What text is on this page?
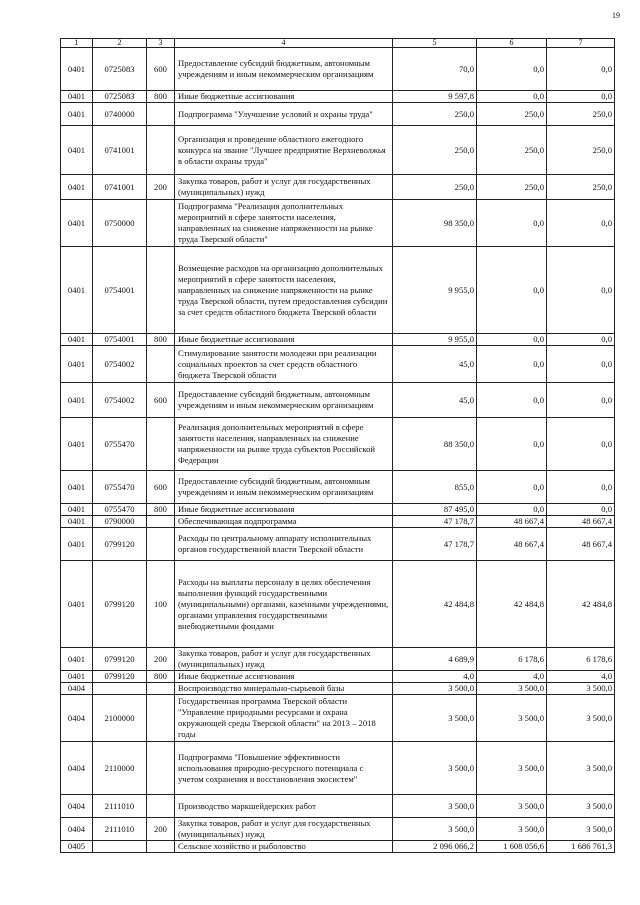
19
1	2	3	4	5	6	7
0401	0725083	600	Предоставление субсидий бюджетным, автономным учреждениям и иным некоммерческим организациям	70,0	0,0	0,0
0401	0725083	800	Иные бюджетные ассигнования	9 597,8	0,0	0,0
0401	0740000		Подпрограмма "Улучшение условий и охраны труда"	250,0	250,0	250,0
0401	0741001		Организация и проведение областного ежегодного конкурса на звание "Лучшее предприятие Верхневолжья в области охраны труда"	250,0	250,0	250,0
0401	0741001	200	Закупка товаров, работ и услуг для государственных (муниципальных) нужд	250,0	250,0	250,0
0401	0750000		Подпрограмма "Реализация дополнительных мероприятий в сфере занятости населения, направленных на снижение напряженности на рынке труда Тверской области"	98 350,0	0,0	0,0
0401	0754001		Возмещение расходов на организацию дополнительных мероприятий в сфере занятости населения, направленных на снижение напряженности на рынке труда Тверской области, путем предоставления субсидии за счет средств областного бюджета Тверской области	9 955,0	0,0	0,0
0401	0754001	800	Иные бюджетные ассигнования	9 955,0	0,0	0,0
0401	0754002		Стимулирование занятости молодежи при реализации социальных проектов за счет средств областного бюджета Тверской области	45,0	0,0	0,0
0401	0754002	600	Предоставление субсидий бюджетным, автономным учреждениям и иным некоммерческим организациям	45,0	0,0	0,0
0401	0755470		Реализация дополнительных мероприятий в сфере занятости населения, направленных на снижение напряженности на рынке труда субъектов Российской Федерации	88 350,0	0,0	0,0
0401	0755470	600	Предоставление субсидий бюджетным, автономным учреждениям и иным некоммерческим организациям	855,0	0,0	0,0
0401	0755470	800	Иные бюджетные ассигнования	87 495,0	0,0	0,0
0401	0790000		Обеспечивающая подпрограмма	47 178,7	48 667,4	48 667,4
0401	0799120		Расходы по центральному аппарату исполнительных органов государственной власти Тверской области	47 178,7	48 667,4	48 667,4
0401	0799120	100	Расходы на выплаты персоналу в целях обеспечения выполнения функций государственными (муниципальными) органами, казенными учреждениями, органами управления государственными внебюджетными фондами	42 484,8	42 484,8	42 484,8
0401	0799120	200	Закупка товаров, работ и услуг для государственных (муниципальных) нужд	4 689,9	6 178,6	6 178,6
0401	0799120	800	Иные бюджетные ассигнования	4,0	4,0	4,0
0404			Воспроизводство минерально-сырьевой базы	3 500,0	3 500,0	3 500,0
0404	2100000		Государственная программа Тверской области "Управление природными ресурсами и охрана окружающей среды Тверской области" на 2013 – 2018 годы	3 500,0	3 500,0	3 500,0
0404	2110000		Подпрограмма "Повышение эффективности использования природно-ресурсного потенциала с учетом сохранения и восстановления экосистем"	3 500,0	3 500,0	3 500,0
0404	2111010		Производство маркшейдерских работ	3 500,0	3 500,0	3 500,0
0404	2111010	200	Закупка товаров, работ и услуг для государственных (муниципальных) нужд	3 500,0	3 500,0	3 500,0
0405			Сельское хозяйство и рыболовство	2 096 066,2	1 608 056,6	1 686 761,3
